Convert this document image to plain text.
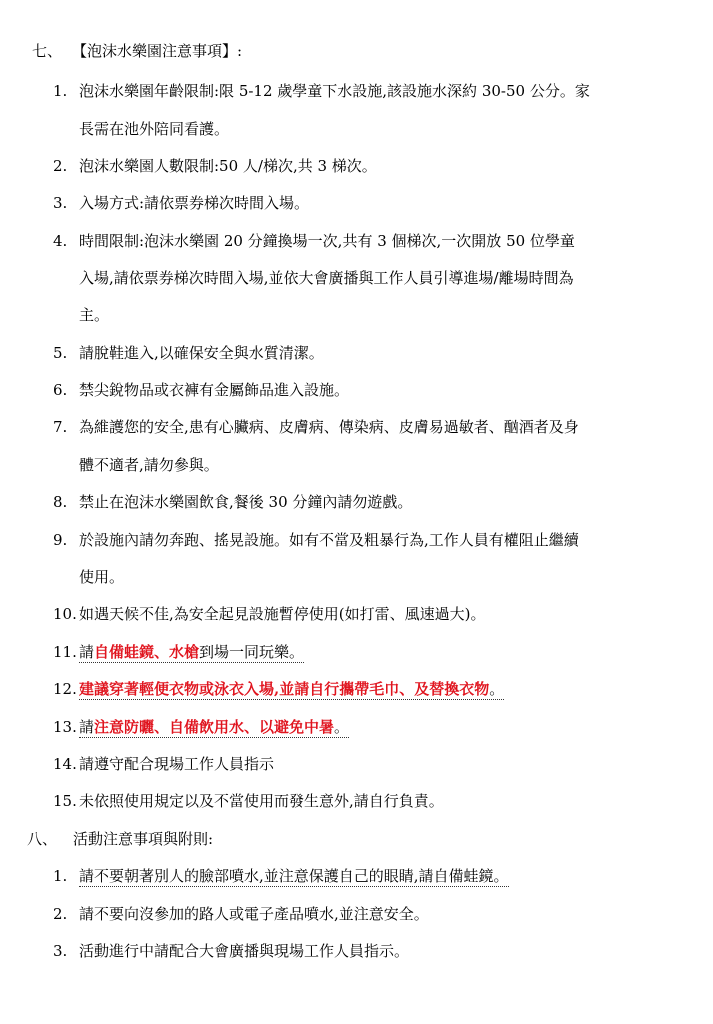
七、 【泡沫水樂園注意事項】:
1. 泡沫水樂園年齡限制:限 5-12 歲學童下水設施,該設施水深約 30-50 公分。家
長需在池外陪同看護。
2. 泡沫水樂園人數限制:50 人/梯次,共 3 梯次。
3. 入場方式:請依票券梯次時間入場。
4. 時間限制:泡沫水樂園 20 分鐘換場一次,共有 3 個梯次,一次開放 50 位學童
入場,請依票券梯次時間入場,並依大會廣播與工作人員引導進場/離場時間為
主。
5. 請脫鞋進入,以確保安全與水質清潔。
6. 禁尖銳物品或衣褲有金屬飾品進入設施。
7. 為維護您的安全,患有心臟病、皮膚病、傳染病、皮膚易過敏者、酗酒者及身
體不適者,請勿參與。
8. 禁止在泡沫水樂園飲食,餐後 30 分鐘內請勿遊戲。
9. 於設施內請勿奔跑、搖晃設施。如有不當及粗暴行為,工作人員有權阻止繼續
使用。
10. 如遇天候不佳,為安全起見設施暫停使用(如打雷、風速過大)。
11. 請自備蛙鏡、水槍到場一同玩樂。
12. 建議穿著輕便衣物或泳衣入場,並請自行攜帶毛巾、及替換衣物。
13. 請注意防曬、自備飲用水、以避免中暑。
14. 請遵守配合現場工作人員指示
15. 未依照使用規定以及不當使用而發生意外,請自行負責。
八、 活動注意事項與附則:
1. 請不要朝著別人的臉部噴水,並注意保護自己的眼睛,請自備蛙鏡。
2. 請不要向沒參加的路人或電子產品噴水,並注意安全。
3. 活動進行中請配合大會廣播與現場工作人員指示。
